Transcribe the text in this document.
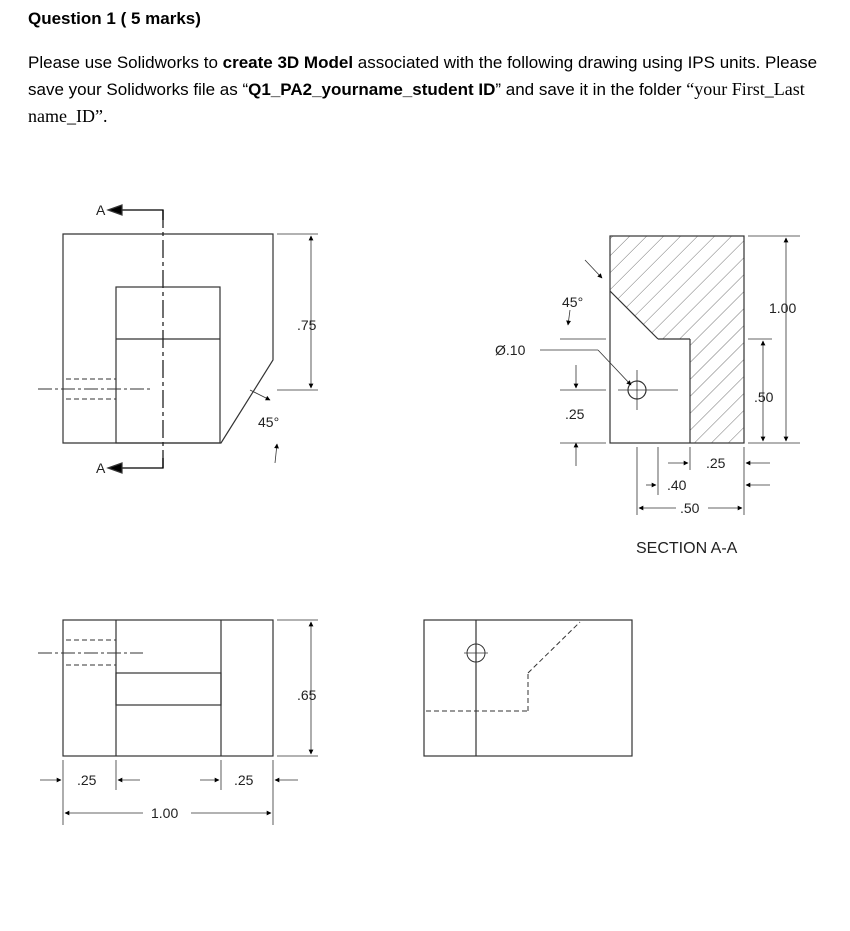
Question 1 ( 5 marks)
Please use Solidworks to create 3D Model associated with the following drawing using IPS units. Please save your Solidworks file as “Q1_PA2_yourname_student ID” and save it in the folder “your First_Last name_ID”.
A
A
.75
45°
45°
Ø.10
.25
1.00
.50
.25
.40
.50
SECTION A-A
.65
.25	.25
1.00
